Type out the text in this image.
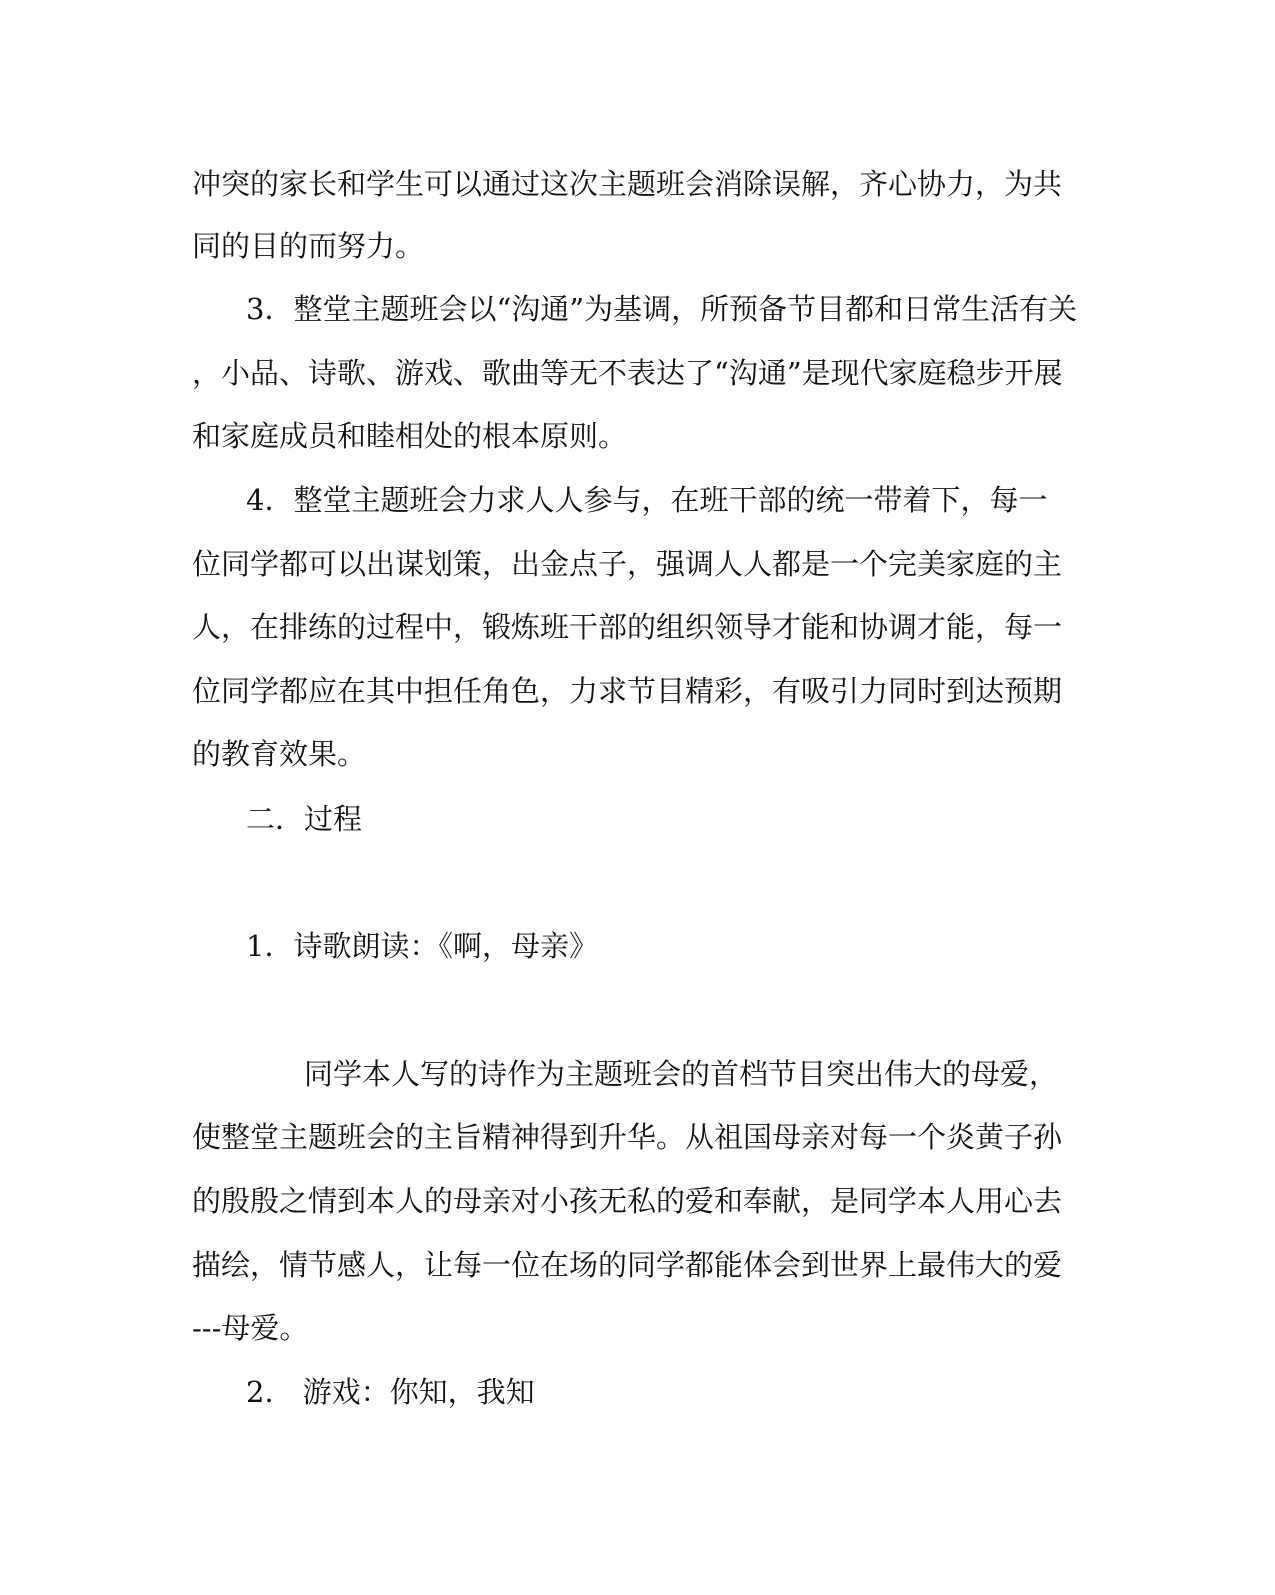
冲突的家长和学生可以通过这次主题班会消除误解，齐心协力，为共

同的目的而努力。

3．整堂主题班会以“沟通”为基调，所预备节目都和日常生活有关

，小品、诗歌、游戏、歌曲等无不表达了“沟通”是现代家庭稳步开展

和家庭成员和睦相处的根本原则。

4．整堂主题班会力求人人参与，在班干部的统一带着下，每一

位同学都可以出谋划策，出金点子，强调人人都是一个完美家庭的主

人，在排练的过程中，锻炼班干部的组织领导才能和协调才能，每一

位同学都应在其中担任角色，力求节目精彩，有吸引力同时到达预期

的教育效果。

二．过程

1．诗歌朗读：《啊，母亲》

同学本人写的诗作为主题班会的首档节目突出伟大的母爱，

使整堂主题班会的主旨精神得到升华。从祖国母亲对每一个炎黄子孙

的殷殷之情到本人的母亲对小孩无私的爱和奉献，是同学本人用心去

描绘，情节感人，让每一位在场的同学都能体会到世界上最伟大的爱

---母爱。

2． 游戏：你知，我知
